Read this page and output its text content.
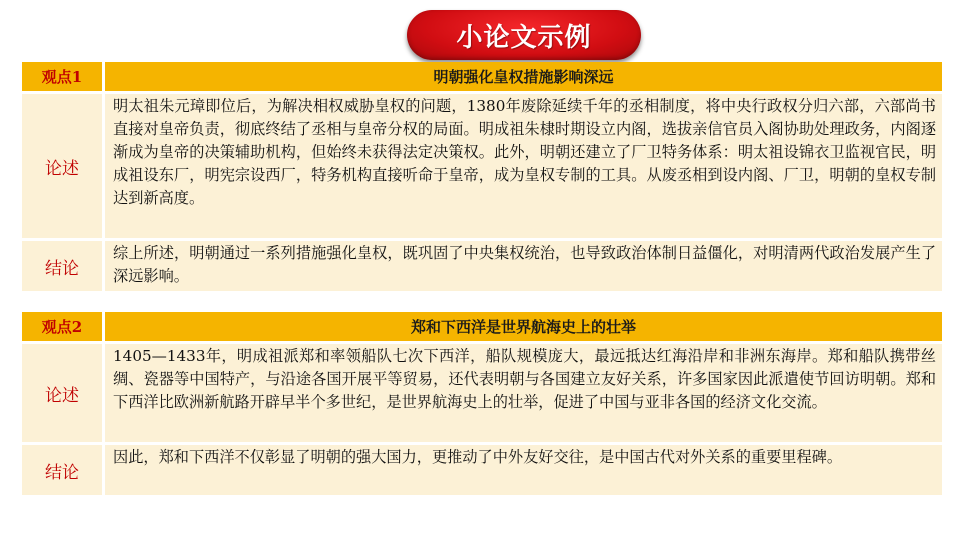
小论文示例
观点1	明朝强化皇权措施影响深远
论述
明太祖朱元璋即位后，为解决相权威胁皇权的问题，1380年废除延续千年的丞相制度，将中央行政权分归六部，六部尚书直接对皇帝负责，彻底终结了丞相与皇帝分权的局面。明成祖朱棣时期设立内阁，选拔亲信官员入阁协助处理政务，内阁逐渐成为皇帝的决策辅助机构，但始终未获得法定决策权。此外，明朝还建立了厂卫特务体系：明太祖设锦衣卫监视官民，明成祖设东厂，明宪宗设西厂，特务机构直接听命于皇帝，成为皇权专制的工具。从废丞相到设内阁、厂卫，明朝的皇权专制达到新高度。
结论
综上所述，明朝通过一系列措施强化皇权，既巩固了中央集权统治，也导致政治体制日益僵化，对明清两代政治发展产生了深远影响。
观点2	郑和下西洋是世界航海史上的壮举
论述
1405—1433年，明成祖派郑和率领船队七次下西洋，船队规模庞大，最远抵达红海沿岸和非洲东海岸。郑和船队携带丝绸、瓷器等中国特产，与沿途各国开展平等贸易，还代表明朝与各国建立友好关系，许多国家因此派遣使节回访明朝。郑和下西洋比欧洲新航路开辟早半个多世纪，是世界航海史上的壮举，促进了中国与亚非各国的经济文化交流。
结论
因此，郑和下西洋不仅彰显了明朝的强大国力，更推动了中外友好交往，是中国古代对外关系的重要里程碑。
